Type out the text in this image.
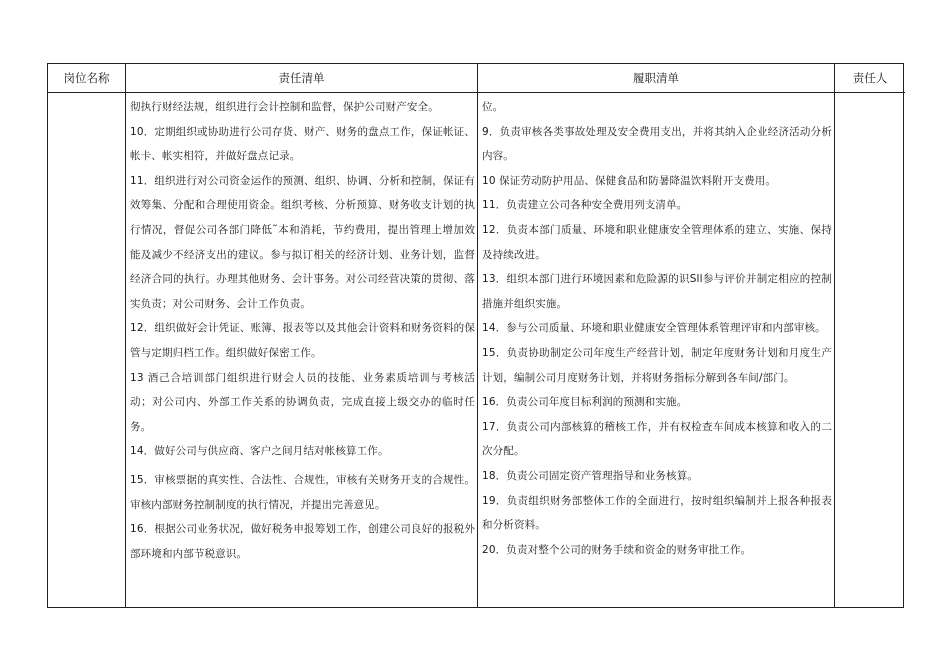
岗位名称	责任清单

彻执行财经法规，组织进行会计控制和监督，保护公司财产安全。

10．定期组织或协助进行公司存货、财产、财务的盘点工作，保证帐证、帐卡、帐实相符，并做好盘点记录。

11．组织进行对公司资金运作的预测、组织、协调、分析和控制，保证有效筹集、分配和合理使用资金。组织考核、分析预算、财务收支计划的执行情况，督促公司各部门降低˜本和消耗，节约费用，提出管理上增加效能及减少不经济支出的建议。参与拟订相关的经济计划、业务计划，监督经济合同的执行。办理其他财务、会计事务。对公司经营决策的贯彻、落实负责；对公司财务、会计工作负责。

12．组织做好会计凭证、账簿、报表等以及其他会计资料和财务资料的保管与定期归档工作。组织做好保密工作。

13 酒己合培训部门组织进行财会人员的技能、业务素质培训与考核活动；对公司内、外部工作关系的协调负责，完成直接上级交办的临时任务。

14．做好公司与供应商、客户之间月结对帐核算工作。

15．审核票据的真实性、合法性、合规性，审核有关财务开支的合规性。审核内部财务控制制度的执行情况，并提出完善意见。

16．根据公司业务状况，做好税务申报筹划工作，创建公司良好的报税外部环境和内部节税意识。

履职清单

位。

9．负责审核各类事故处理及安全费用支出，并将其纳入企业经济活动分析内容。

10 保证劳动防护用品、保健食品和防暑降温饮料附开支费用。

11．负责建立公司各种安全费用列支清单。

12．负责本部门质量、环境和职业健康安全管理体系的建立、实施、保持及持续改进。

13．组织本部门进行环境因素和危险源的识Sll参与评价并制定相应的控制措施并组织实施。

14．参与公司质量、环境和职业健康安全管理体系管理评审和内部审核。

15．负责协助制定公司年度生产经营计划，制定年度财务计划和月度生产计划，编制公司月度财务计划，并将财务指标分解到各车间/部门。

16．负责公司年度目标利润的预测和实施。

17．负责公司内部核算的稽核工作，并有权检查车间成本核算和收入的二次分配。

18．负责公司固定资产管理指导和业务核算。

19．负责组织财务部整体工作的全面进行，按时组织编制并上报各种报表和分析资料。

20．负责对整个公司的财务手续和资金的财务审批工作。

责任人
